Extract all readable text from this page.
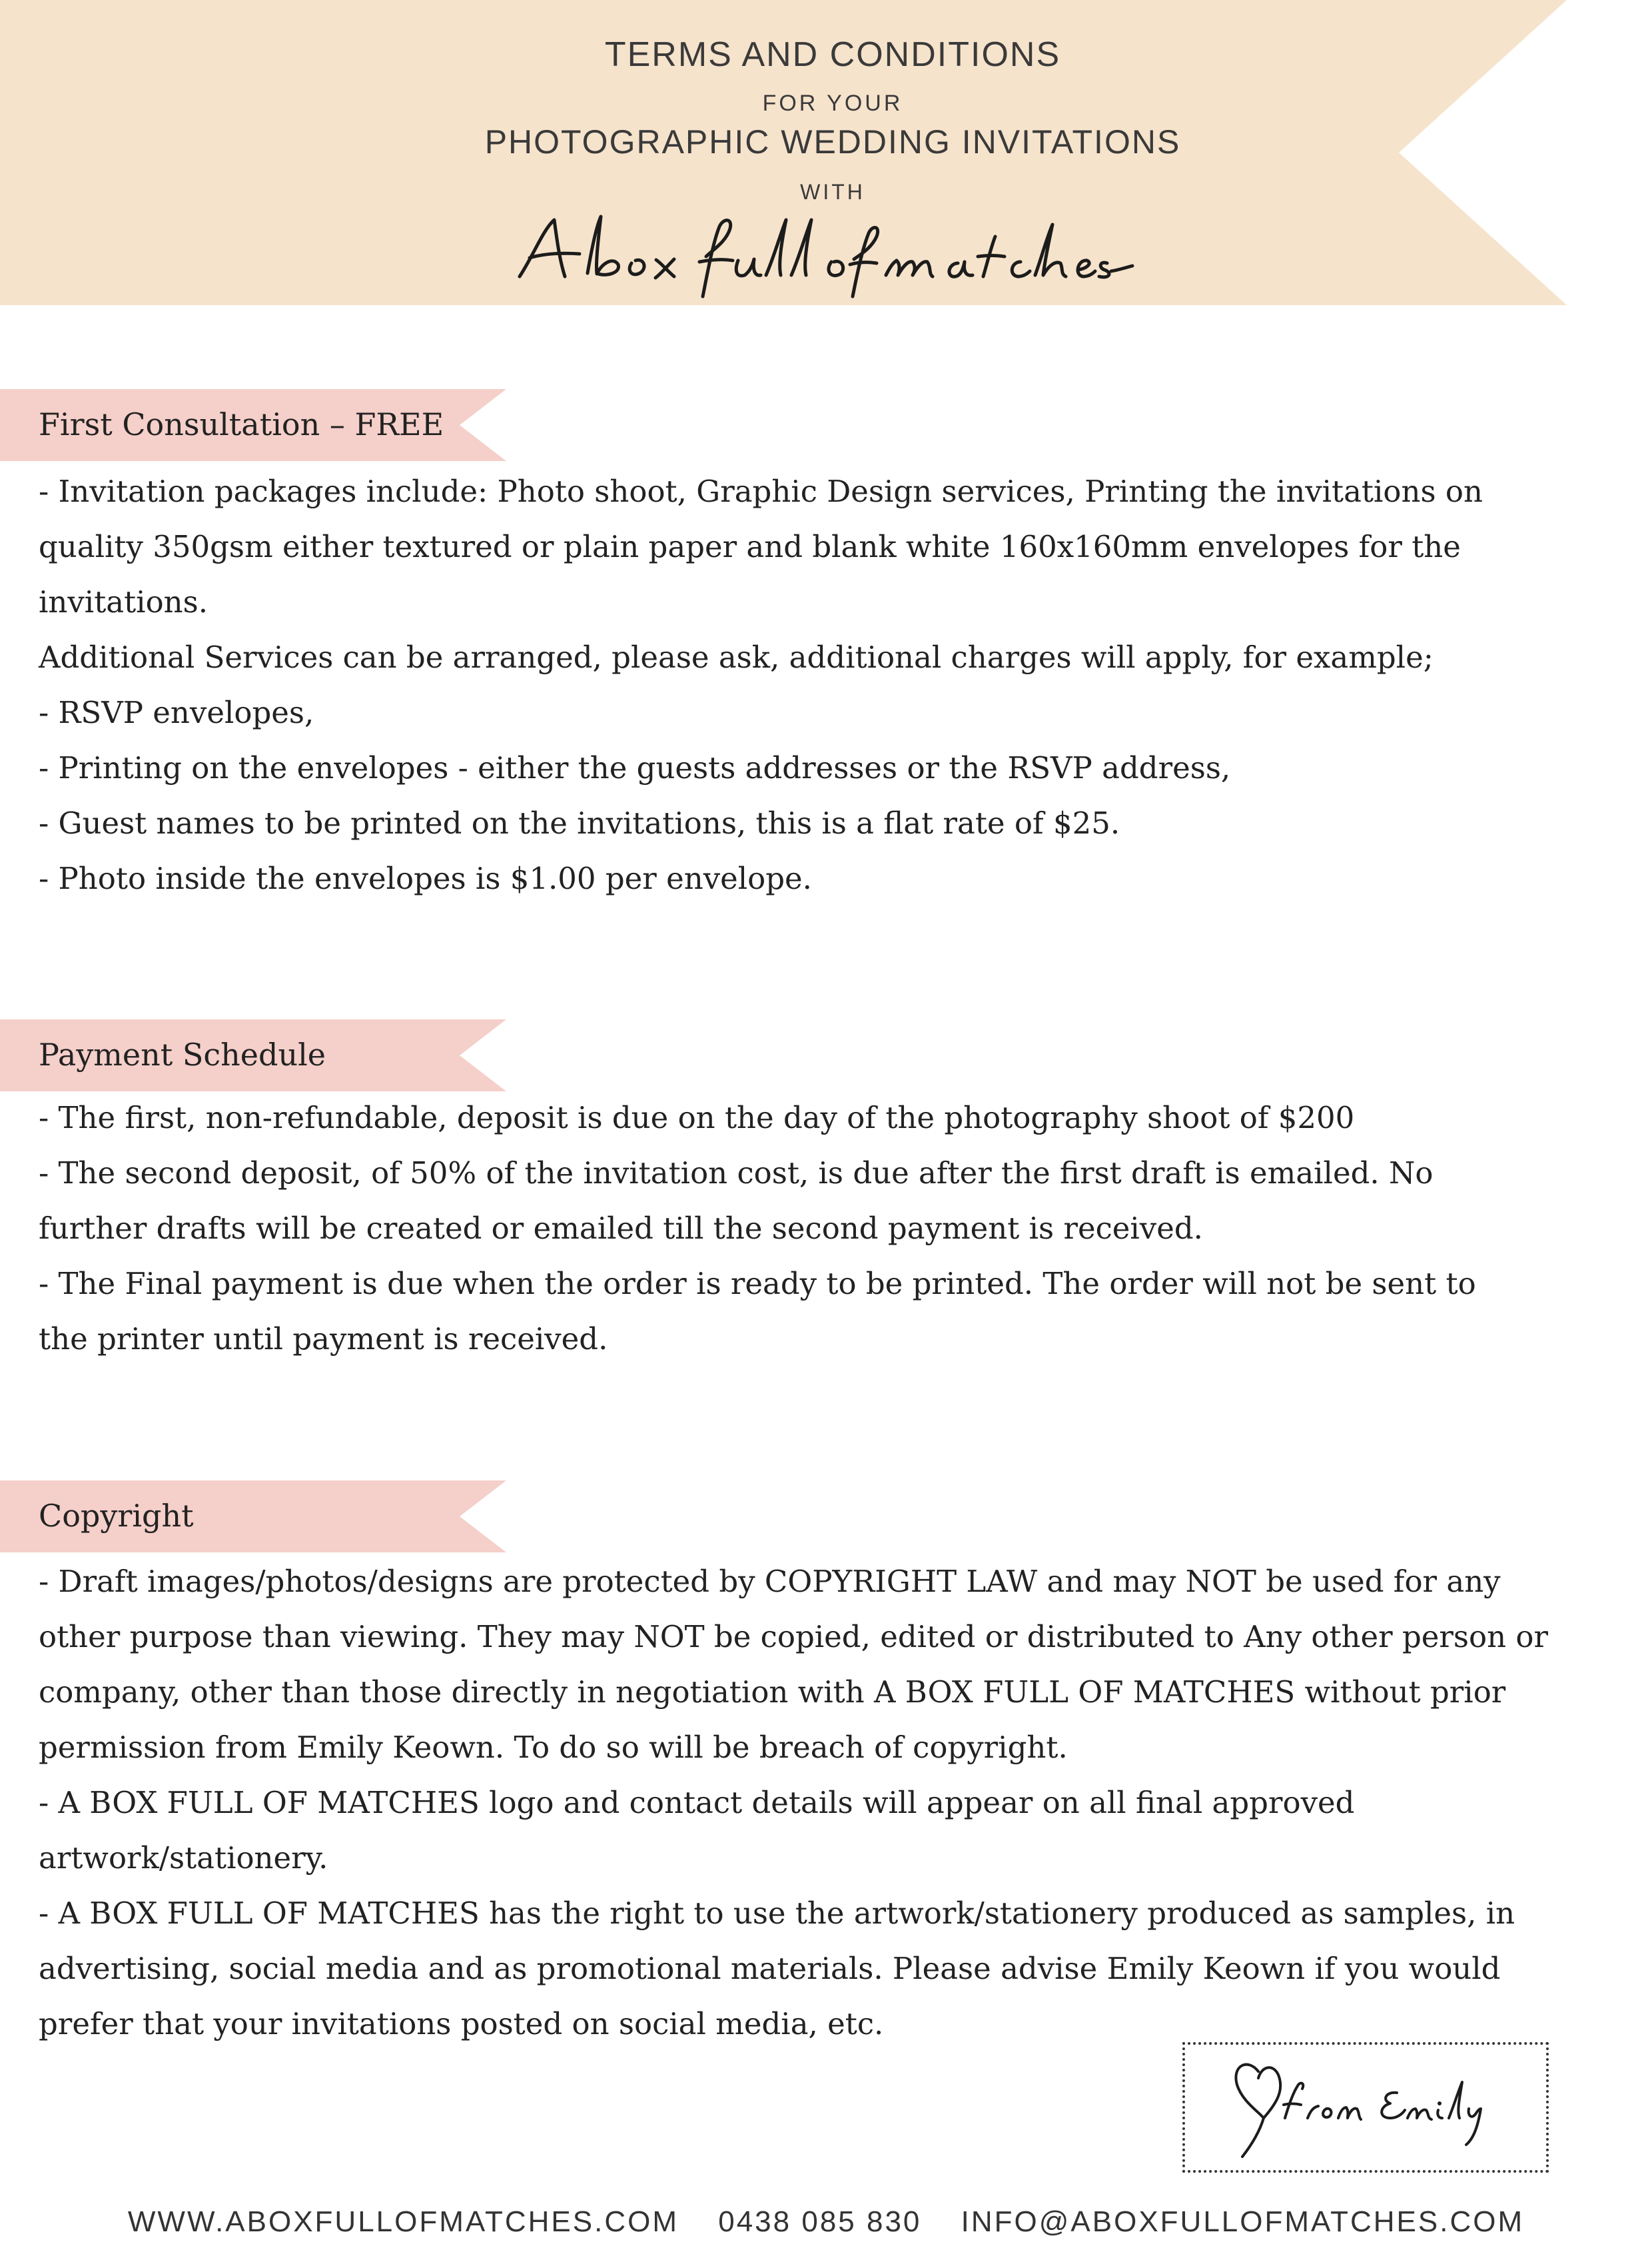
TERMS AND CONDITIONS
FOR YOUR
PHOTOGRAPHIC WEDDING INVITATIONS
WITH
First Consultation – FREE

- Invitation packages include: Photo shoot, Graphic Design services, Printing the invitations on

quality 350gsm either textured or plain paper and blank white 160x160mm envelopes for the

invitations.

Additional Services can be arranged, please ask, additional charges will apply, for example;

- RSVP envelopes,

- Printing on the envelopes - either the guests addresses or the RSVP address,

- Guest names to be printed on the invitations, this is a flat rate of $25.

- Photo inside the envelopes is $1.00 per envelope.

Payment Schedule

- The first, non-refundable, deposit is due on the day of the photography shoot of $200

- The second deposit, of 50% of the invitation cost, is due after the first draft is emailed. No

further drafts will be created or emailed till the second payment is received.

- The Final payment is due when the order is ready to be printed. The order will not be sent to

the printer until payment is received.

Copyright

- Draft images/photos/designs are protected by COPYRIGHT LAW and may NOT be used for any

other purpose than viewing. They may NOT be copied, edited or distributed to Any other person or

company, other than those directly in negotiation with A BOX FULL OF MATCHES without prior

permission from Emily Keown. To do so will be breach of copyright.

- A BOX FULL OF MATCHES logo and contact details will appear on all final approved

artwork/stationery.

- A BOX FULL OF MATCHES has the right to use the artwork/stationery produced as samples, in

advertising, social media and as promotional materials. Please advise Emily Keown if you would

prefer that your invitations posted on social media, etc.

WWW.ABOXFULLOFMATCHES.COM 0438 085 830 INFO@ABOXFULLOFMATCHES.COM
